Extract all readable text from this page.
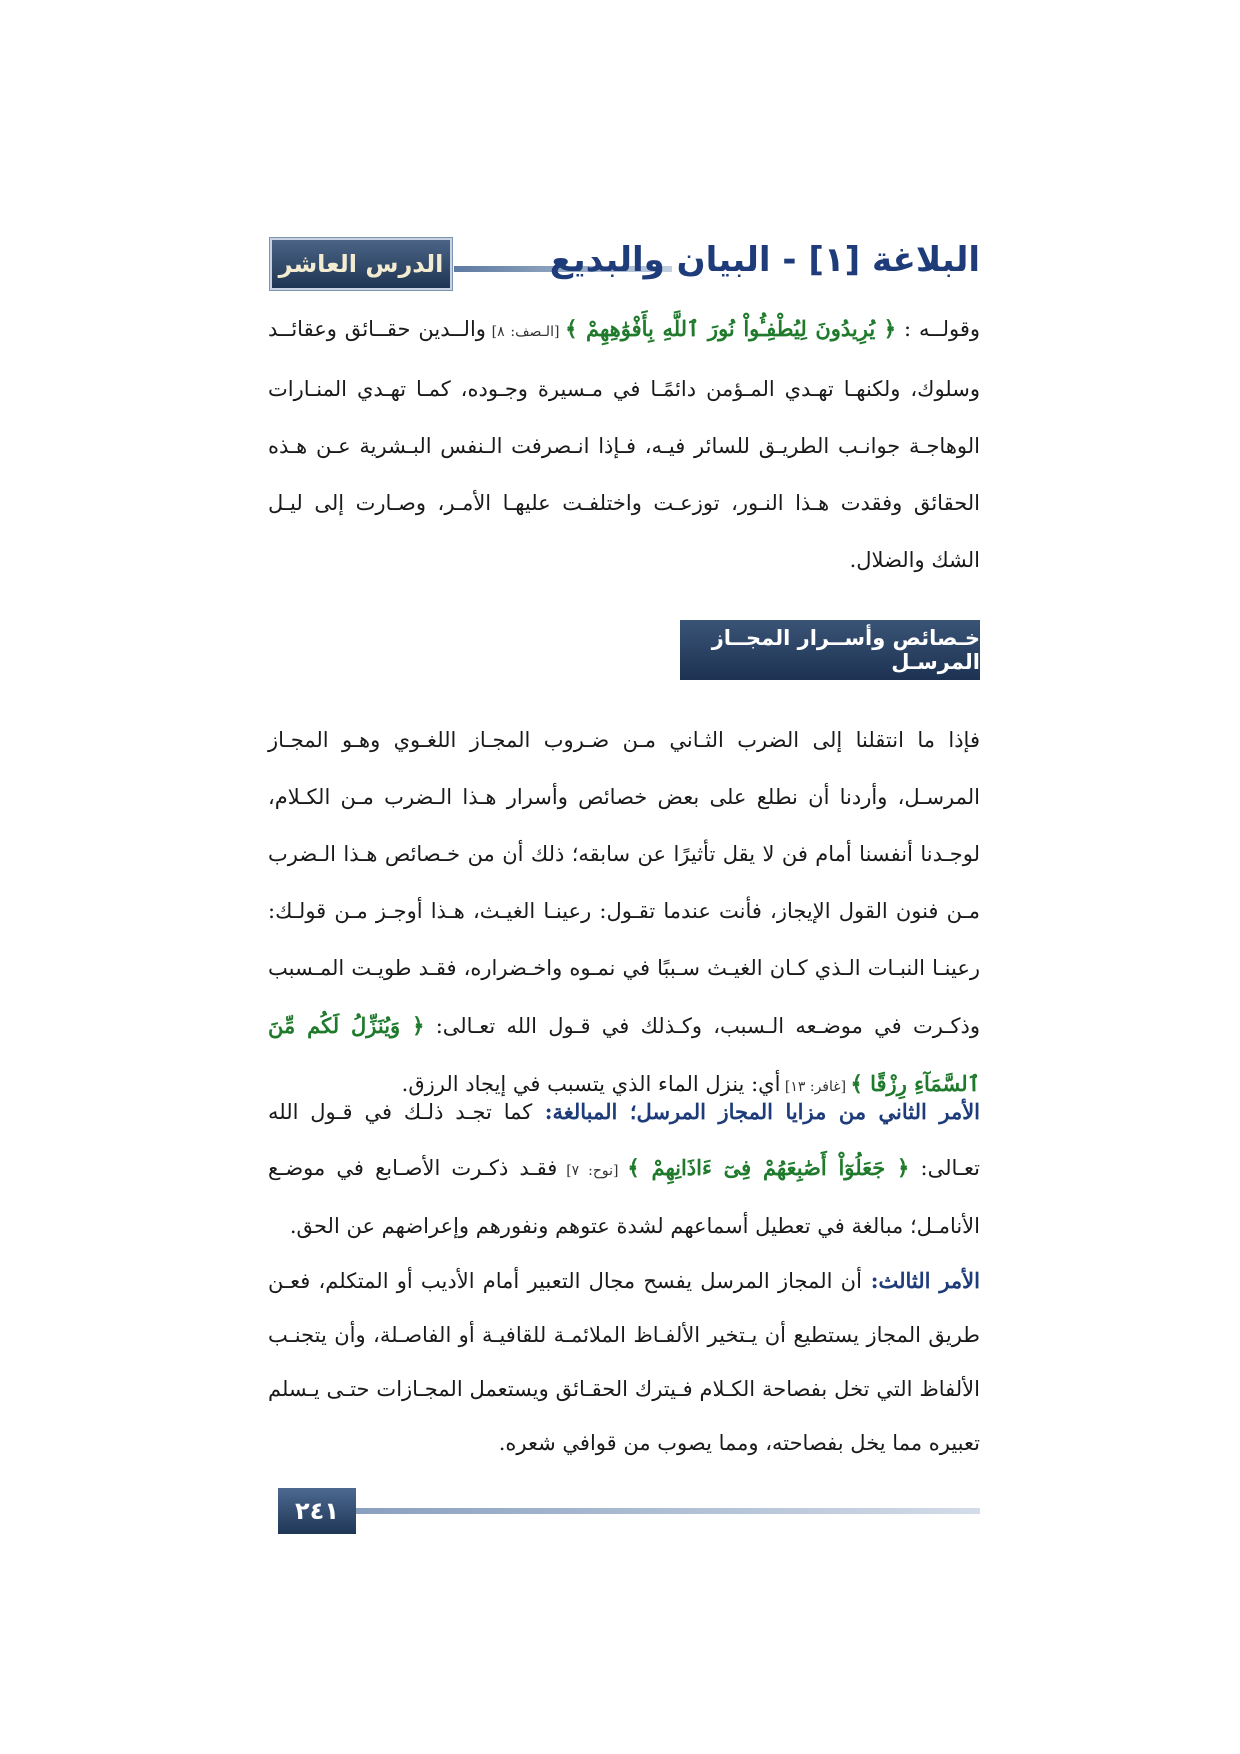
الدرس العاشر	البلاغة [١] - البيان والبديع

وقولــه : ﴿ يُرِيدُونَ لِيُطْفِـُٔواْ نُورَ ٱللَّهِ بِأَفْوَٰهِهِمْ ﴾ [الـصف: ٨] والــدين حقــائق وعقائــد وسلوك، ولكنهـا تهـدي المـؤمن دائمًـا في مـسيرة وجـوده، كمـا تهـدي المنـارات الوهاجـة جوانـب الطريـق للسائر فيـه، فـإذا انـصرفت الـنفس البـشرية عـن هـذه الحقائق وفقدت هـذا النـور، توزعـت واختلفـت عليهـا الأمـر، وصـارت إلى ليـل الشك والضلال.

خـصائص وأســرار المجــاز المرسـل

فإذا ما انتقلنا إلى الضرب الثـاني مـن ضـروب المجـاز اللغـوي وهـو المجـاز المرسـل، وأردنا أن نطلع على بعض خصائص وأسرار هـذا الـضرب مـن الكـلام، لوجـدنا أنفسنا أمام فن لا يقل تأثيرًا عن سابقه؛ ذلك أن من خـصائص هـذا الـضرب مـن فنون القول الإيجاز، فأنت عندما تقـول: رعينـا الغيـث، هـذا أوجـز مـن قولـك: رعينـا النبـات الـذي كـان الغيـث سـببًا في نمـوه واخـضراره، فقـد طويـت المـسبب وذكـرت في موضـعه الـسبب، وكـذلك في قـول الله تعـالى: ﴿ وَيُنَزِّلُ لَكُم مِّنَ ٱلسَّمَآءِ رِزْقًا ﴾ [غافر: ١٣] أي: ينزل الماء الذي يتسبب في إيجاد الرزق.

الأمر الثاني من مزايا المجاز المرسل؛ المبالغة: كما تجـد ذلـك في قـول الله تعـالى: ﴿ جَعَلُوٓاْ أَصَٰبِعَهُمْ فِىٓ ءَاذَانِهِمْ ﴾ [نوح: ٧] فقـد ذكـرت الأصـابع في موضـع الأنامـل؛ مبالغة في تعطيل أسماعهم لشدة عتوهم ونفورهم وإعراضهم عن الحق.

الأمر الثالث: أن المجاز المرسل يفسح مجال التعبير أمام الأديب أو المتكلم، فعـن طريق المجاز يستطيع أن يـتخير الألفـاظ الملائمـة للقافيـة أو الفاصـلة، وأن يتجنـب الألفاظ التي تخل بفصاحة الكـلام فـيترك الحقـائق ويستعمل المجـازات حتـى يـسلم تعبيره مما يخل بفصاحته، ومما يصوب من قوافي شعره.

٢٤١
